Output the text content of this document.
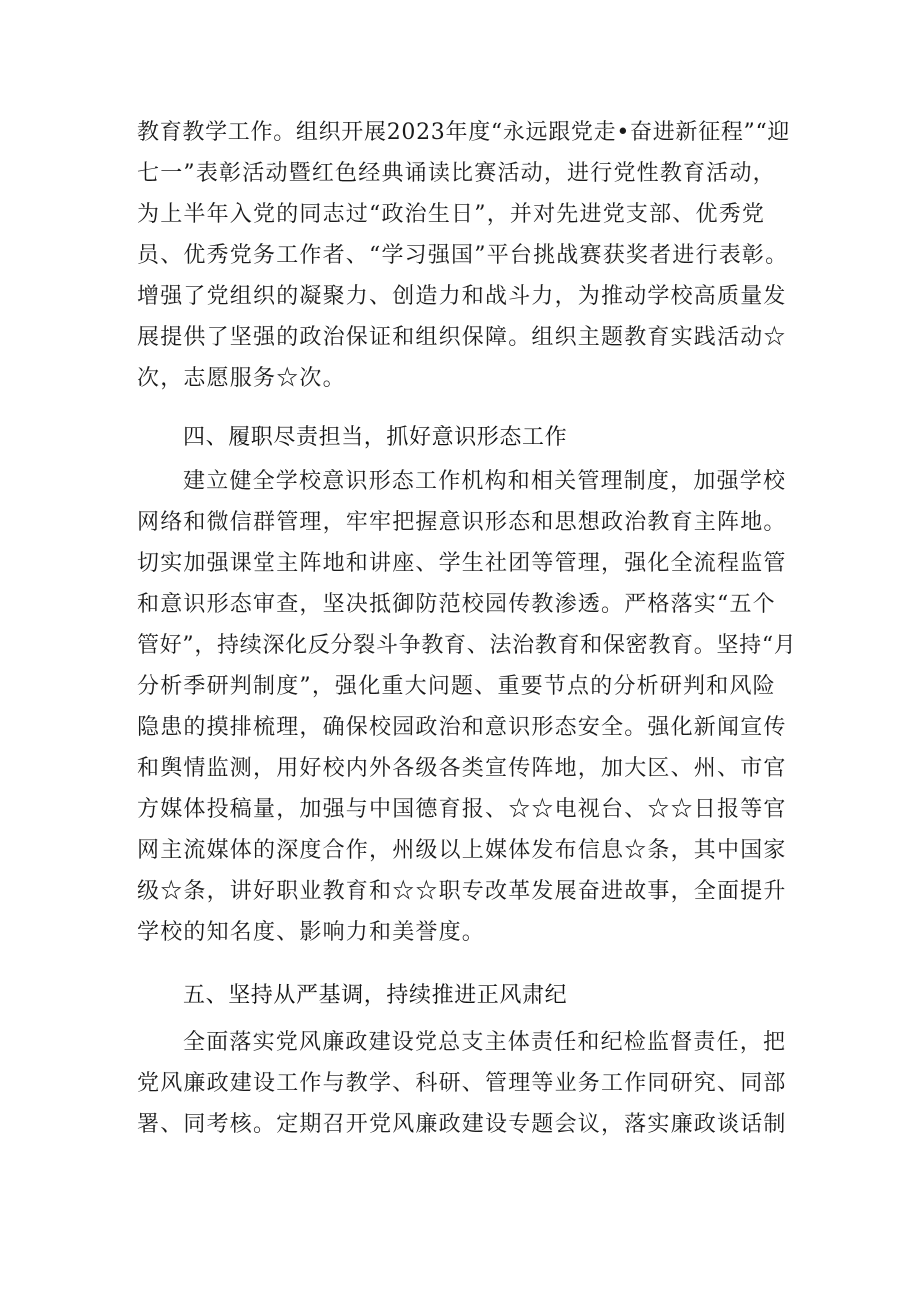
教育教学工作。组织开展2023年度“永远跟党走•奋进新征程”“迎
七一”表彰活动暨红色经典诵读比赛活动，进行党性教育活动，
为上半年入党的同志过“政治生日”，并对先进党支部、优秀党
员、优秀党务工作者、“学习强国”平台挑战赛获奖者进行表彰。
增强了党组织的凝聚力、创造力和战斗力，为推动学校高质量发
展提供了坚强的政治保证和组织保障。组织主题教育实践活动☆
次，志愿服务☆次。
四、履职尽责担当，抓好意识形态工作
建立健全学校意识形态工作机构和相关管理制度，加强学校
网络和微信群管理，牢牢把握意识形态和思想政治教育主阵地。
切实加强课堂主阵地和讲座、学生社团等管理，强化全流程监管
和意识形态审查，坚决抵御防范校园传教渗透。严格落实“五个
管好”，持续深化反分裂斗争教育、法治教育和保密教育。坚持“月
分析季研判制度”，强化重大问题、重要节点的分析研判和风险
隐患的摸排梳理，确保校园政治和意识形态安全。强化新闻宣传
和舆情监测，用好校内外各级各类宣传阵地，加大区、州、市官
方媒体投稿量，加强与中国德育报、☆☆电视台、☆☆日报等官
网主流媒体的深度合作，州级以上媒体发布信息☆条，其中国家
级☆条，讲好职业教育和☆☆职专改革发展奋进故事，全面提升
学校的知名度、影响力和美誉度。
五、坚持从严基调，持续推进正风肃纪
全面落实党风廉政建设党总支主体责任和纪检监督责任，把
党风廉政建设工作与教学、科研、管理等业务工作同研究、同部
署、同考核。定期召开党风廉政建设专题会议，落实廉政谈话制
